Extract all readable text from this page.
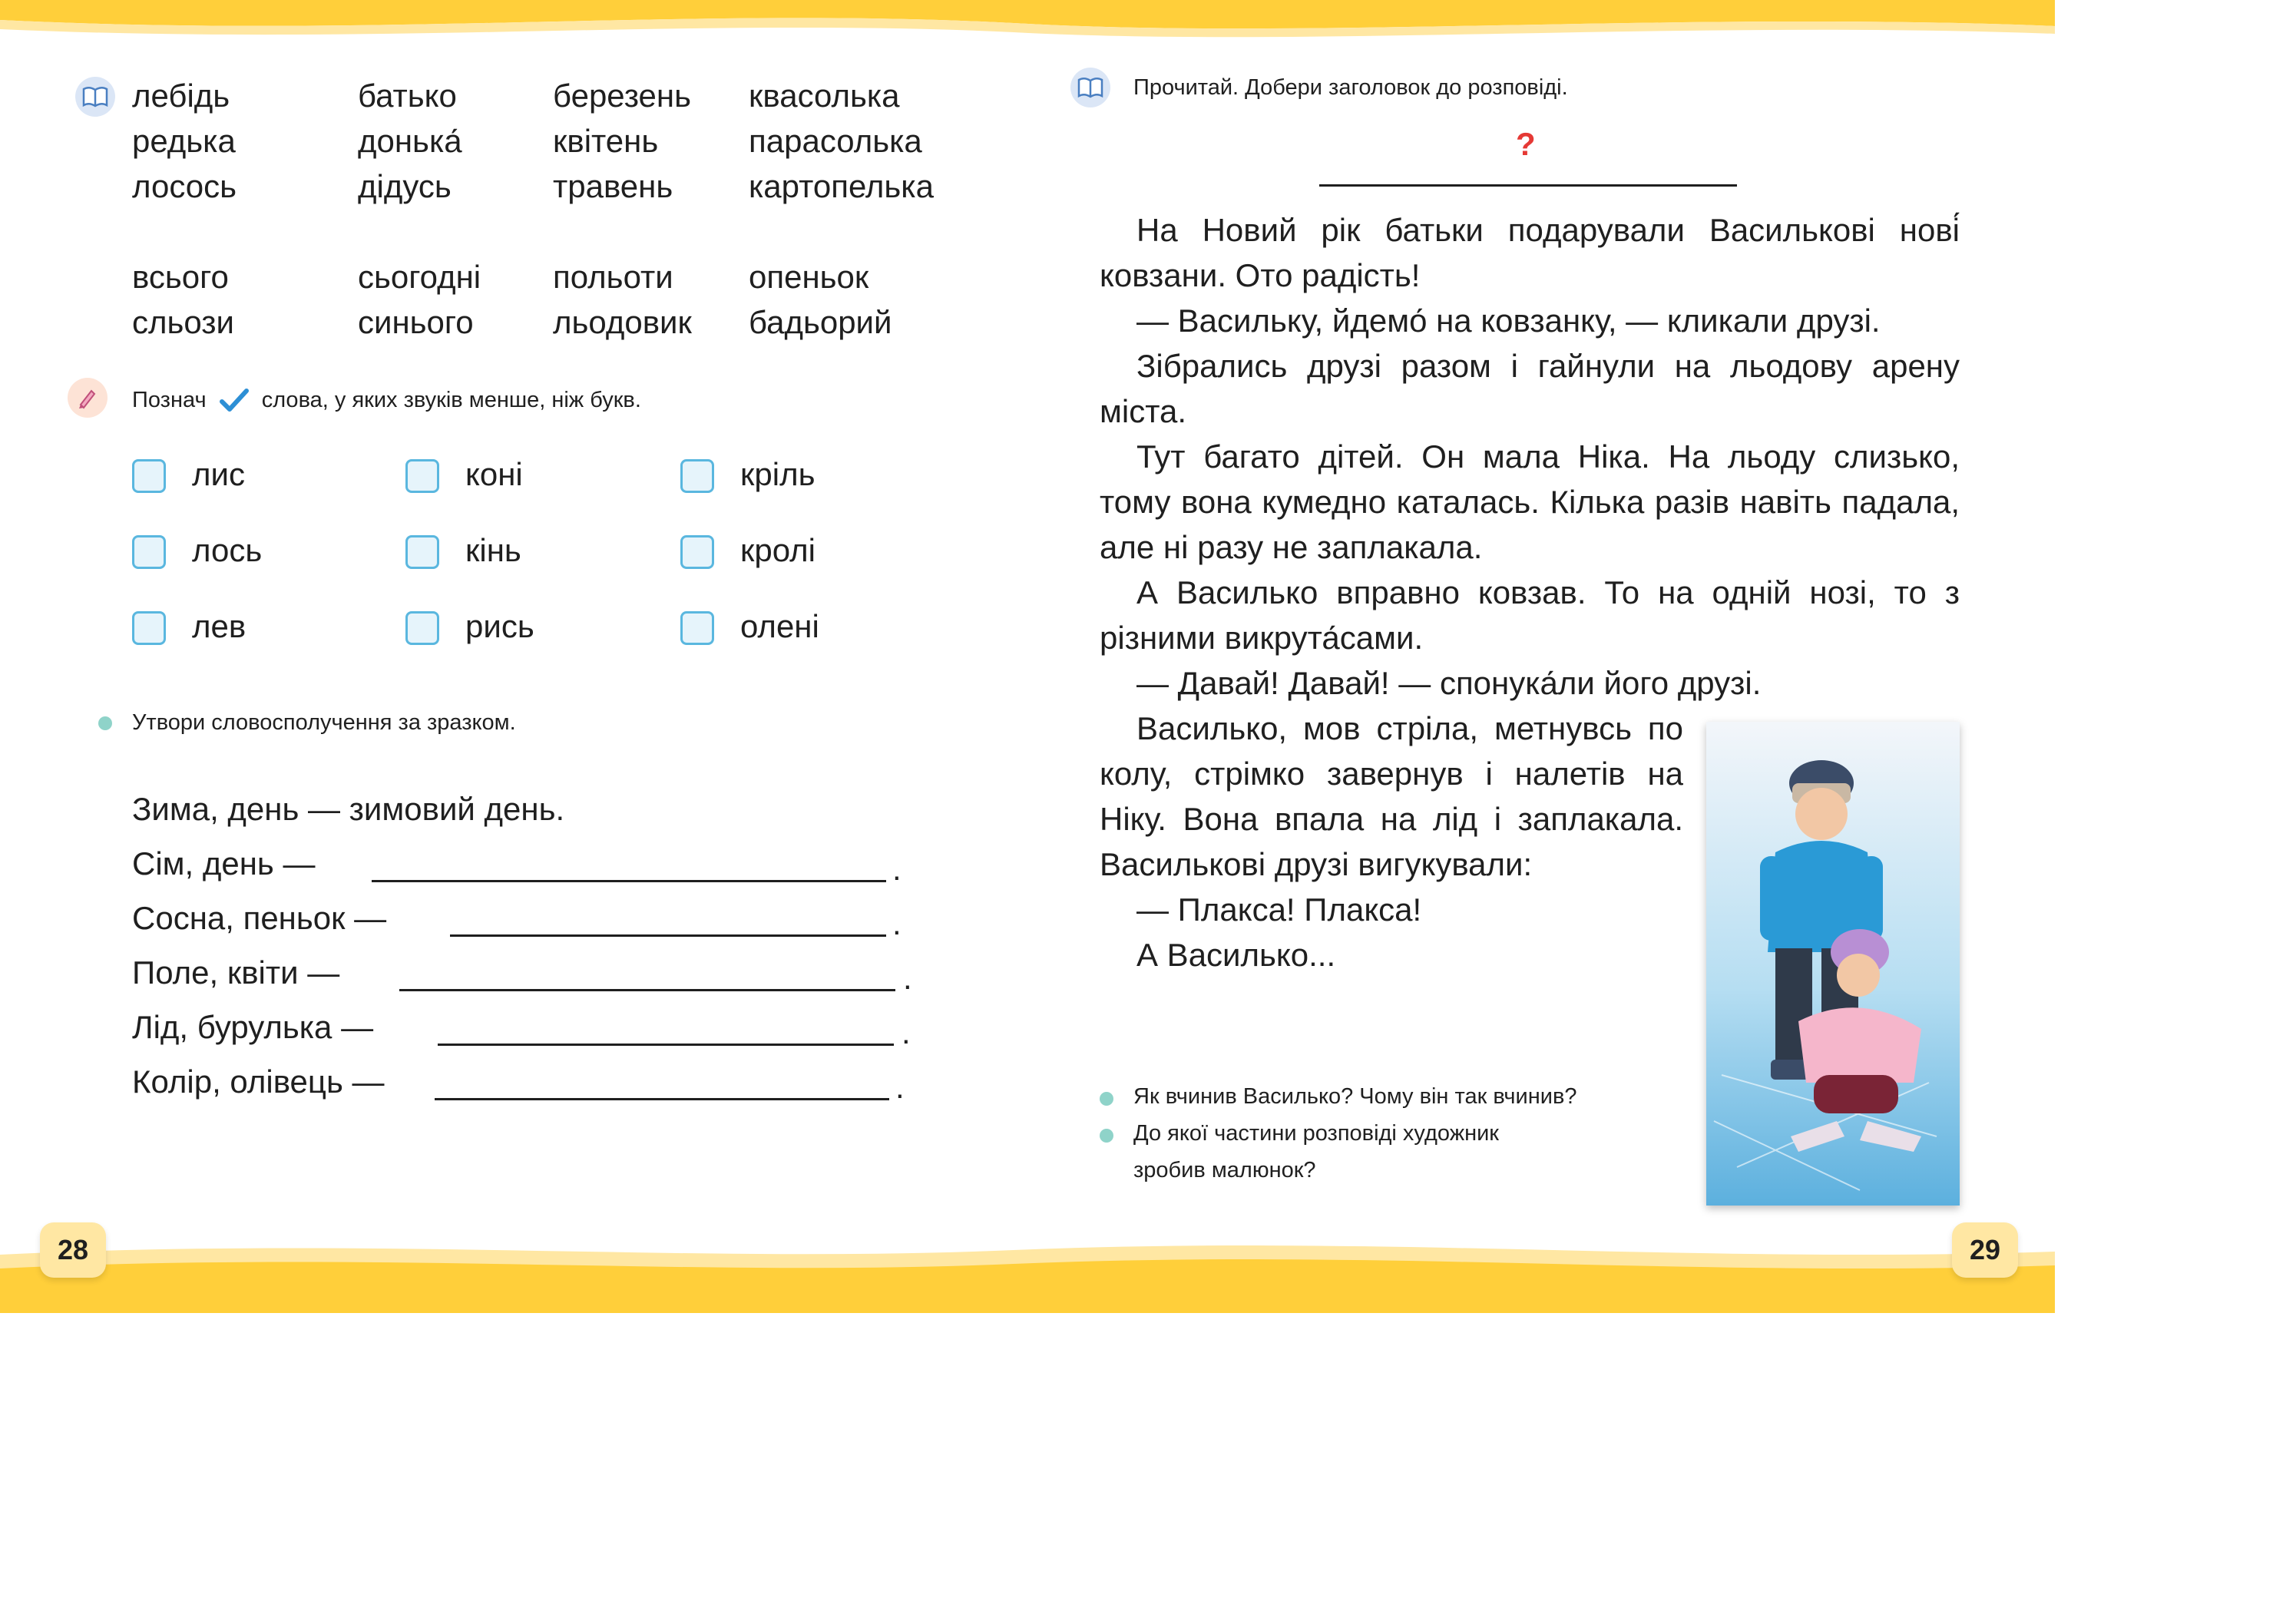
28	29
лебідь	батько	березень квасолька
редька	донька́	квітень	парасолька
лосось	дідусь	травень картопелька
всього	сьогодні польоти опеньок
сльози	синього льодовик бадьорий
Познач слова, у яких звуків менше, ніж букв.
лис	коні	кріль
лось	кінь	кролі
лев	рись	олені
Утвори словосполучення за зразком.
Зима, день — зимовий день.
Сім, день —	.
Сосна, пеньок —	.
Поле, квіти —	.
Лід, бурулька —	.
Колір, олівець —	.
Прочитай. Добери заголовок до розповіді.
?

На Новий рік батьки подарували Василькові нові́ ковзани. Ото радість!

— Васильку, йдемо́ на ковзанку, — кликали друзі.

Зібрались друзі разом і гайнули на льодову арену міста.

Тут багато дітей. Он мала Ніка. На льоду слизько, тому вона кумедно каталась. Кілька разів навіть падала, але ні разу не заплакала.

А Василько вправно ковзав. То на одній нозі, то з різними викрута́сами.

— Давай! Давай! — спонука́ли його друзі.

Василько, мов стріла, метнувсь по колу, стрімко завернув і налетів на Ніку. Вона впала на лід і заплакала. Васильковi друзі вигукували:

— Плакса! Плакса!

А Василько...

Як вчинив Василько? Чому він так вчинив?
До якої частини розповіді художник
зробив малюнок?
